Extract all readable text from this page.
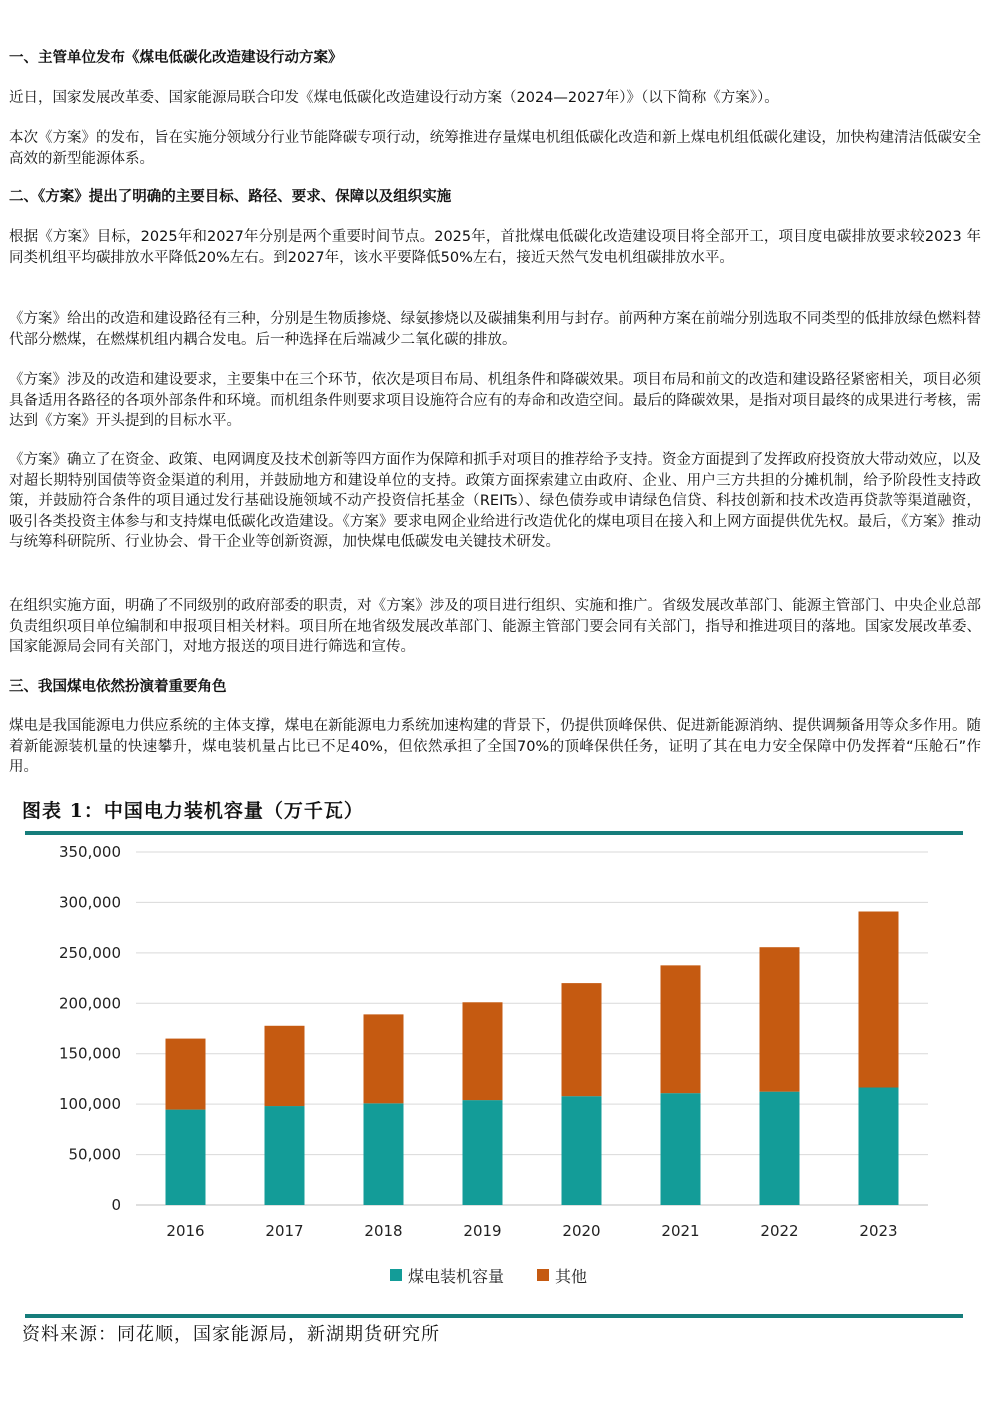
一、主管单位发布《煤电低碳化改造建设行动方案》
近日，国家发展改革委、国家能源局联合印发《煤电低碳化改造建设行动方案（2024—2027年）》（以下简称《方案》）。
本次《方案》的发布，旨在实施分领域分行业节能降碳专项行动，统筹推进存量煤电机组低碳化改造和新上煤电机组低碳化建设，加快构建清洁低碳安全高效的新型能源体系。
二、《方案》提出了明确的主要目标、路径、要求、保障以及组织实施
根据《方案》目标，2025年和2027年分别是两个重要时间节点。2025年，首批煤电低碳化改造建设项目将全部开工，项目度电碳排放要求较2023 年同类机组平均碳排放水平降低20%左右。到2027年，该水平要降低50%左右，接近天然气发电机组碳排放水平。
《方案》给出的改造和建设路径有三种，分别是生物质掺烧、绿氨掺烧以及碳捕集利用与封存。前两种方案在前端分别选取不同类型的低排放绿色燃料替代部分燃煤，在燃煤机组内耦合发电。后一种选择在后端减少二氧化碳的排放。
《方案》涉及的改造和建设要求，主要集中在三个环节，依次是项目布局、机组条件和降碳效果。项目布局和前文的改造和建设路径紧密相关，项目必须具备适用各路径的各项外部条件和环境。而机组条件则要求项目设施符合应有的寿命和改造空间。最后的降碳效果，是指对项目最终的成果进行考核，需达到《方案》开头提到的目标水平。
《方案》确立了在资金、政策、电网调度及技术创新等四方面作为保障和抓手对项目的推荐给予支持。资金方面提到了发挥政府投资放大带动效应，以及对超长期特别国债等资金渠道的利用，并鼓励地方和建设单位的支持。政策方面探索建立由政府、企业、用户三方共担的分摊机制，给予阶段性支持政策，并鼓励符合条件的项目通过发行基础设施领域不动产投资信托基金（REITs）、绿色债券或申请绿色信贷、科技创新和技术改造再贷款等渠道融资，吸引各类投资主体参与和支持煤电低碳化改造建设。《方案》要求电网企业给进行改造优化的煤电项目在接入和上网方面提供优先权。最后，《方案》推动与统筹科研院所、行业协会、骨干企业等创新资源，加快煤电低碳发电关键技术研发。
在组织实施方面，明确了不同级别的政府部委的职责，对《方案》涉及的项目进行组织、实施和推广。省级发展改革部门、能源主管部门、中央企业总部负责组织项目单位编制和申报项目相关材料。项目所在地省级发展改革部门、能源主管部门要会同有关部门，指导和推进项目的落地。国家发展改革委、国家能源局会同有关部门，对地方报送的项目进行筛选和宣传。
三、我国煤电依然扮演着重要角色
煤电是我国能源电力供应系统的主体支撑，煤电在新能源电力系统加速构建的背景下，仍提供顶峰保供、促进新能源消纳、提供调频备用等众多作用。随着新能源装机量的快速攀升，煤电装机量占比已不足40%，但依然承担了全国70%的顶峰保供任务，证明了其在电力安全保障中仍发挥着“压舱石”作用。
图表 1：中国电力装机容量（万千瓦）
0
50,000
100,000
150,000
200,000
250,000
300,000
350,000
2016	2017	2018	2019	2020	2021	2022	2023
煤电装机容量	其他
资料来源：同花顺，国家能源局，新湖期货研究所
